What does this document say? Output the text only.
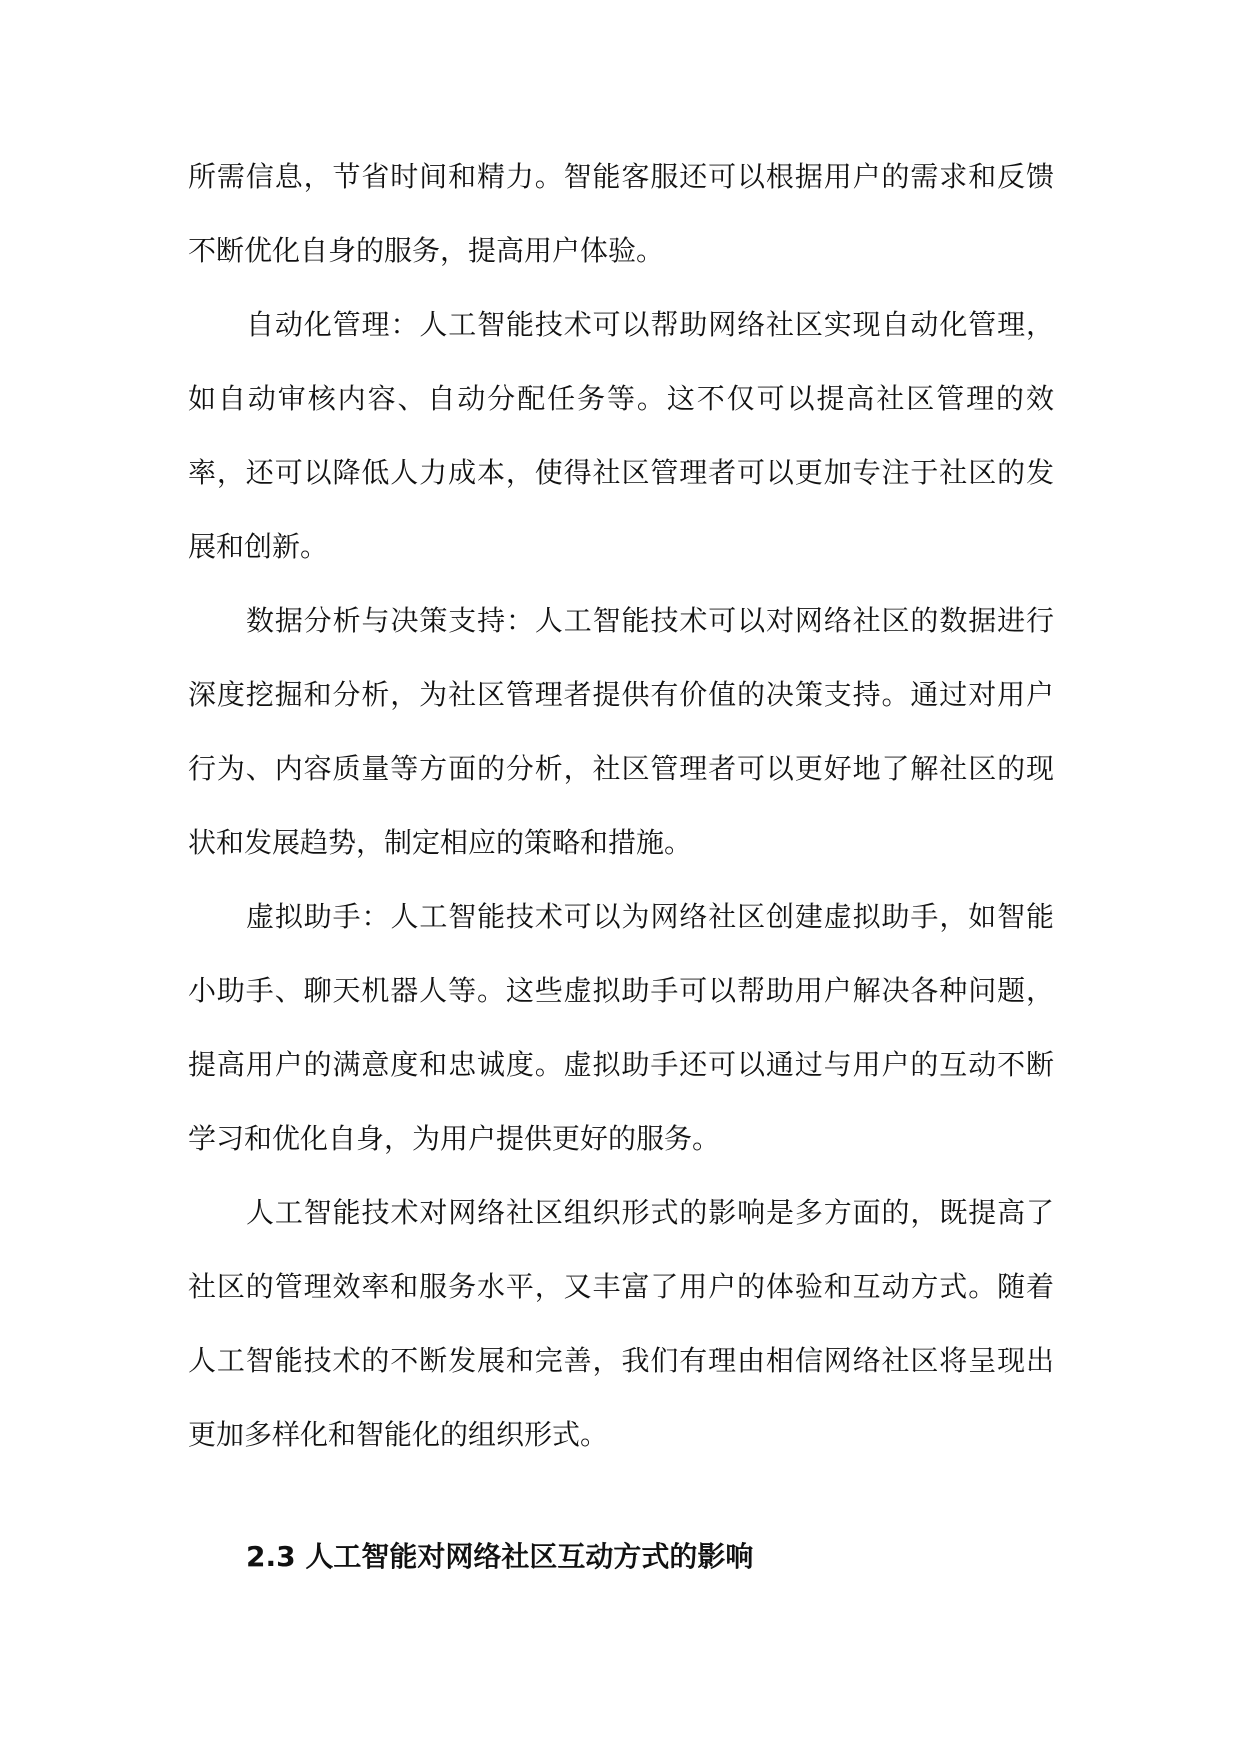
所需信息，节省时间和精力。智能客服还可以根据用户的需求和反馈不断优化自身的服务，提高用户体验。

自动化管理：人工智能技术可以帮助网络社区实现自动化管理，如自动审核内容、自动分配任务等。这不仅可以提高社区管理的效率，还可以降低人力成本，使得社区管理者可以更加专注于社区的发展和创新。

数据分析与决策支持：人工智能技术可以对网络社区的数据进行深度挖掘和分析，为社区管理者提供有价值的决策支持。通过对用户行为、内容质量等方面的分析，社区管理者可以更好地了解社区的现状和发展趋势，制定相应的策略和措施。

虚拟助手：人工智能技术可以为网络社区创建虚拟助手，如智能小助手、聊天机器人等。这些虚拟助手可以帮助用户解决各种问题，提高用户的满意度和忠诚度。虚拟助手还可以通过与用户的互动不断学习和优化自身，为用户提供更好的服务。

人工智能技术对网络社区组织形式的影响是多方面的，既提高了社区的管理效率和服务水平，又丰富了用户的体验和互动方式。随着人工智能技术的不断发展和完善，我们有理由相信网络社区将呈现出更加多样化和智能化的组织形式。

2.3 人工智能对网络社区互动方式的影响
